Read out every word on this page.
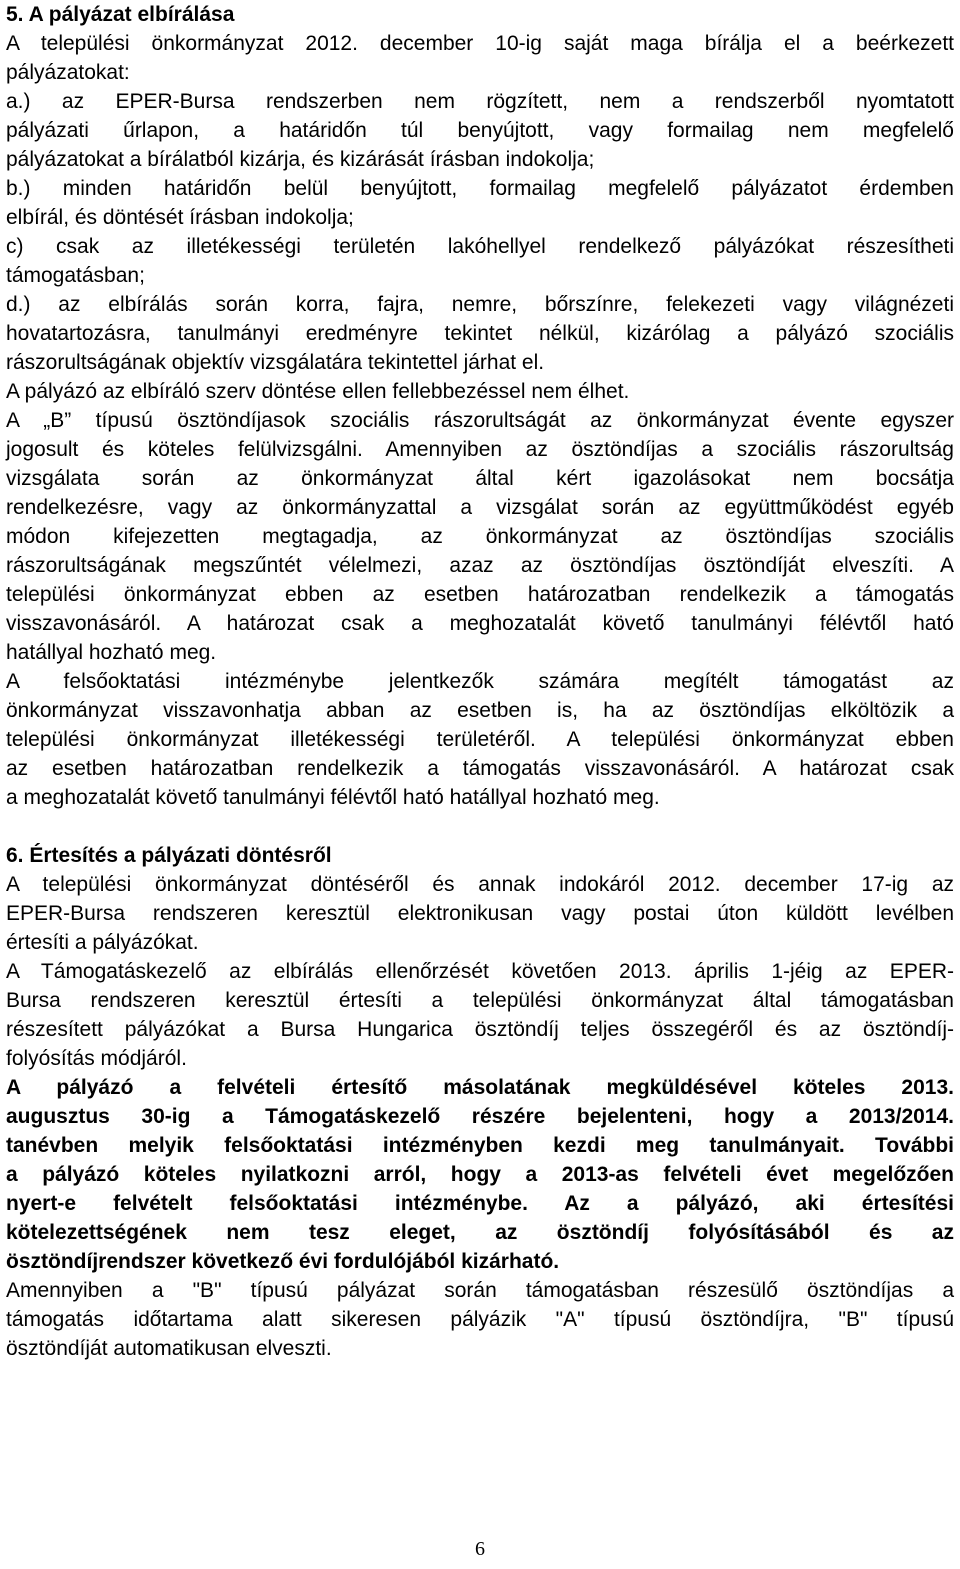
5. A pályázat elbírálása
A települési önkormányzat 2012. december 10-ig saját maga bírálja el a beérkezett
pályázatokat:
a.) az EPER-Bursa rendszerben nem rögzített, nem a rendszerből nyomtatott
pályázati űrlapon, a határidőn túl benyújtott, vagy formailag nem megfelelő
pályázatokat a bírálatból kizárja, és kizárását írásban indokolja;
b.) minden határidőn belül benyújtott, formailag megfelelő pályázatot érdemben
elbírál, és döntését írásban indokolja;
c) csak az illetékességi területén lakóhellyel rendelkező pályázókat részesítheti
támogatásban;
d.) az elbírálás során korra, fajra, nemre, bőrszínre, felekezeti vagy világnézeti
hovatartozásra, tanulmányi eredményre tekintet nélkül, kizárólag a pályázó szociális
rászorultságának objektív vizsgálatára tekintettel járhat el.
A pályázó az elbíráló szerv döntése ellen fellebbezéssel nem élhet.
A „B” típusú ösztöndíjasok szociális rászorultságát az önkormányzat évente egyszer
jogosult és köteles felülvizsgálni. Amennyiben az ösztöndíjas a szociális rászorultság
vizsgálata során az önkormányzat által kért igazolásokat nem bocsátja
rendelkezésre, vagy az önkormányzattal a vizsgálat során az együttműködést egyéb
módon kifejezetten megtagadja, az önkormányzat az ösztöndíjas szociális
rászorultságának megszűntét vélelmezi, azaz az ösztöndíjas ösztöndíját elveszíti. A
települési önkormányzat ebben az esetben határozatban rendelkezik a támogatás
visszavonásáról. A határozat csak a meghozatalát követő tanulmányi félévtől ható
hatállyal hozható meg.
A felsőoktatási intézménybe jelentkezők számára megítélt támogatást az
önkormányzat visszavonhatja abban az esetben is, ha az ösztöndíjas elköltözik a
települési önkormányzat illetékességi területéről. A települési önkormányzat ebben
az esetben határozatban rendelkezik a támogatás visszavonásáról. A határozat csak
a meghozatalát követő tanulmányi félévtől ható hatállyal hozható meg.
6. Értesítés a pályázati döntésről
A települési önkormányzat döntéséről és annak indokáról 2012. december 17-ig az
EPER-Bursa rendszeren keresztül elektronikusan vagy postai úton küldött levélben
értesíti a pályázókat.
A Támogatáskezelő az elbírálás ellenőrzését követően 2013. április 1-jéig az EPER-
Bursa rendszeren keresztül értesíti a települési önkormányzat által támogatásban
részesített pályázókat a Bursa Hungarica ösztöndíj teljes összegéről és az ösztöndíj-
folyósítás módjáról.
A pályázó a felvételi értesítő másolatának megküldésével köteles 2013.
augusztus 30-ig a Támogatáskezelő részére bejelenteni, hogy a 2013/2014.
tanévben melyik felsőoktatási intézményben kezdi meg tanulmányait. További
a pályázó köteles nyilatkozni arról, hogy a 2013-as felvételi évet megelőzően
nyert-e felvételt felsőoktatási intézménybe. Az a pályázó, aki értesítési
kötelezettségének nem tesz eleget, az ösztöndíj folyósításából és az
ösztöndíjrendszer következő évi fordulójából kizárható.
Amennyiben a "B" típusú pályázat során támogatásban részesülő ösztöndíjas a
támogatás időtartama alatt sikeresen pályázik "A" típusú ösztöndíjra, "B" típusú
ösztöndíját automatikusan elveszti.
6
